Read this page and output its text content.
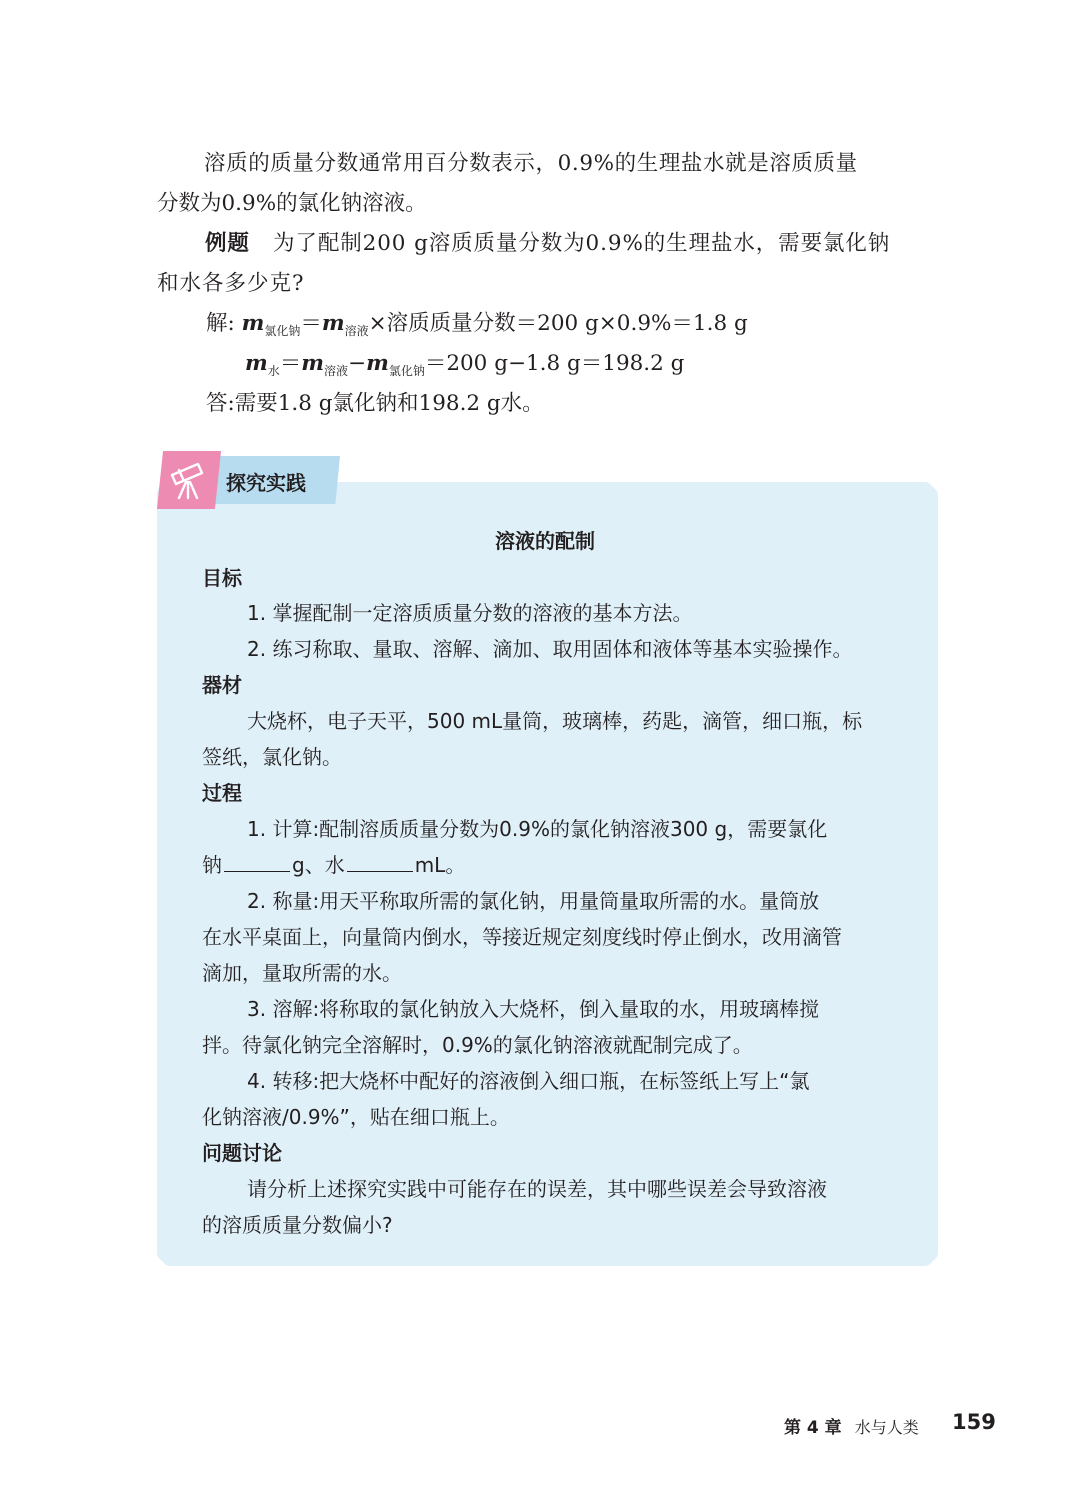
溶质的质量分数通常用百分数表示，0.9%的生理盐水就是溶质质量
分数为0.9%的氯化钠溶液。
例题 为了配制200 g溶质质量分数为0.9%的生理盐水，需要氯化钠
和水各多少克?
解: $m_{氯化钠}=m_{溶液}\times$溶质质量分数＝200 g×0.9%＝1.8 g
$m_水=m_{溶液}-m_{氯化钠}=200$ g−1.8 g＝198.2 g
答:需要1.8 g氯化钠和198.2 g水。
探究实践
溶液的配制
目标
1. 掌握配制一定溶质质量分数的溶液的基本方法。
2. 练习称取、量取、溶解、滴加、取用固体和液体等基本实验操作。
器材
大烧杯，电子天平，500 mL量筒，玻璃棒，药匙，滴管，细口瓶，标
签纸，氯化钠。
过程
1. 计算:配制溶质质量分数为0.9%的氯化钠溶液300 g，需要氯化
钠	g、水	mL。
2. 称量:用天平称取所需的氯化钠，用量筒量取所需的水。量筒放
在水平桌面上，向量筒内倒水，等接近规定刻度线时停止倒水，改用滴管
滴加，量取所需的水。
3. 溶解:将称取的氯化钠放入大烧杯，倒入量取的水，用玻璃棒搅
拌。待氯化钠完全溶解时，0.9%的氯化钠溶液就配制完成了。
4. 转移:把大烧杯中配好的溶液倒入细口瓶，在标签纸上写上“氯
化钠溶液/0.9%”，贴在细口瓶上。
问题讨论
请分析上述探究实践中可能存在的误差，其中哪些误差会导致溶液
的溶质质量分数偏小?
第 4 章 水与人类 159
